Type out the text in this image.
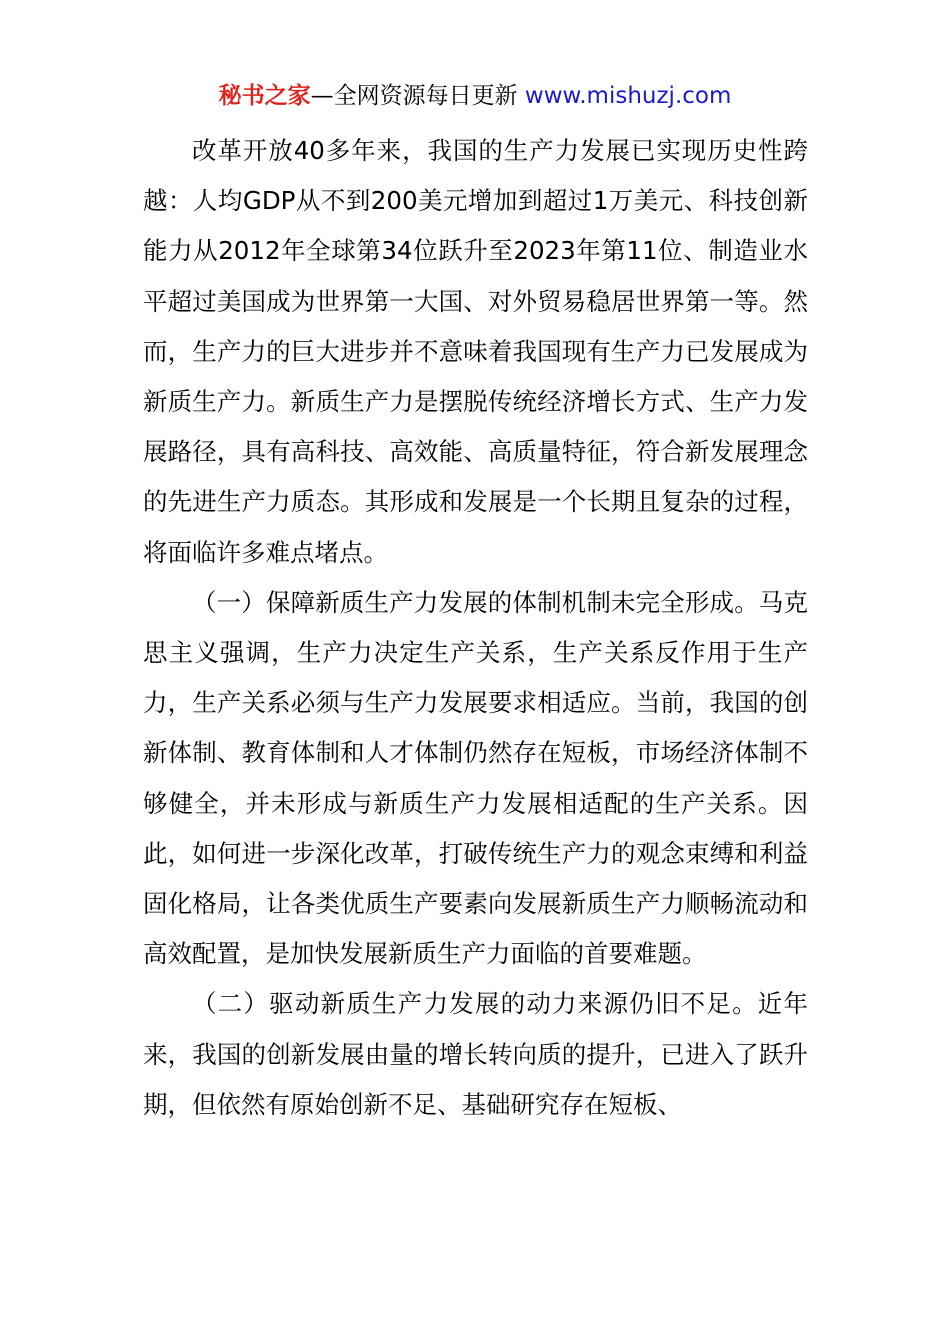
秘书之家—全网资源每日更新 www.mishuzj.com

改革开放40多年来，我国的生产力发展已实现历史性跨越：人均GDP从不到200美元增加到超过1万美元、科技创新能力从2012年全球第34位跃升至2023年第11位、制造业水平超过美国成为世界第一大国、对外贸易稳居世界第一等。然而，生产力的巨大进步并不意味着我国现有生产力已发展成为新质生产力。新质生产力是摆脱传统经济增长方式、生产力发展路径，具有高科技、高效能、高质量特征，符合新发展理念的先进生产力质态。其形成和发展是一个长期且复杂的过程，将面临许多难点堵点。

（一）保障新质生产力发展的体制机制未完全形成。马克思主义强调，生产力决定生产关系，生产关系反作用于生产力，生产关系必须与生产力发展要求相适应。当前，我国的创新体制、教育体制和人才体制仍然存在短板，市场经济体制不够健全，并未形成与新质生产力发展相适配的生产关系。因此，如何进一步深化改革，打破传统生产力的观念束缚和利益固化格局，让各类优质生产要素向发展新质生产力顺畅流动和高效配置，是加快发展新质生产力面临的首要难题。

（二）驱动新质生产力发展的动力来源仍旧不足。近年来，我国的创新发展由量的增长转向质的提升，已进入了跃升期，但依然有原始创新不足、基础研究存在短板、
